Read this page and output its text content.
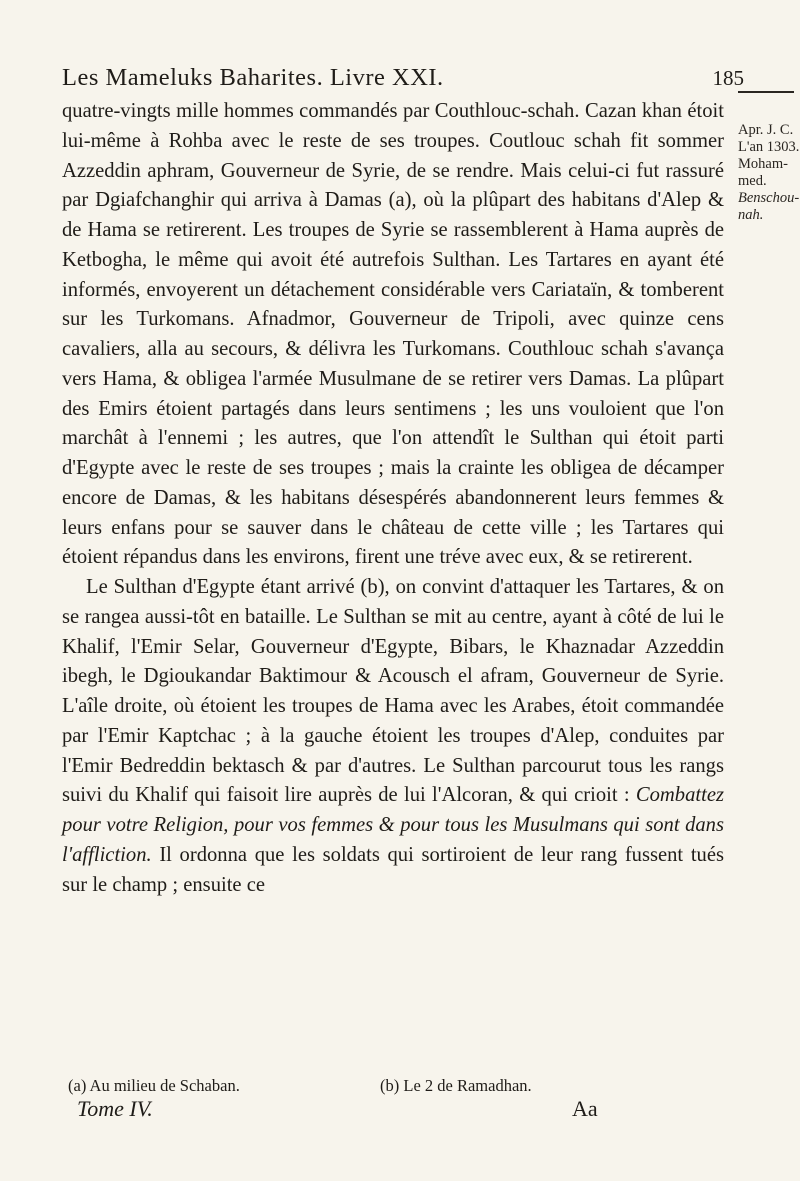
Les Mameluks Baharites. Livre XXI.	185
Apr. J. C.
L'an 1303.
Moham-
med.
Benschou-
nah.

quatre-vingts mille hommes commandés par Couthlouc-schah. Cazan khan étoit lui-même à Rohba avec le reste de ses troupes. Coutlouc schah fit sommer Azzeddin aphram, Gouverneur de Syrie, de se rendre. Mais celui-ci fut rassuré par Dgiafchanghir qui arriva à Damas (a), où la plûpart des habitans d'Alep & de Hama se retirerent. Les troupes de Syrie se rassemblerent à Hama auprès de Ketbogha, le même qui avoit été autrefois Sulthan. Les Tartares en ayant été informés, envoyerent un détachement considérable vers Cariataïn, & tomberent sur les Turkomans. Afnadmor, Gouverneur de Tripoli, avec quinze cens cavaliers, alla au secours, & délivra les Turkomans. Couthlouc schah s'avança vers Hama, & obligea l'armée Musulmane de se retirer vers Damas. La plûpart des Emirs étoient partagés dans leurs sentimens ; les uns vouloient que l'on marchât à l'ennemi ; les autres, que l'on attendît le Sulthan qui étoit parti d'Egypte avec le reste de ses troupes ; mais la crainte les obligea de décamper encore de Damas, & les habitans désespérés abandonnerent leurs femmes & leurs enfans pour se sauver dans le château de cette ville ; les Tartares qui étoient répandus dans les environs, firent une tréve avec eux, & se retirerent.

Le Sulthan d'Egypte étant arrivé (b), on convint d'attaquer les Tartares, & on se rangea aussi-tôt en bataille. Le Sulthan se mit au centre, ayant à côté de lui le Khalif, l'Emir Selar, Gouverneur d'Egypte, Bibars, le Khaznadar Azzeddin ibegh, le Dgioukandar Baktimour & Acousch el afram, Gouverneur de Syrie. L'aîle droite, où étoient les troupes de Hama avec les Arabes, étoit commandée par l'Emir Kaptchac ; à la gauche étoient les troupes d'Alep, conduites par l'Emir Bedreddin bektasch & par d'autres. Le Sulthan parcourut tous les rangs suivi du Khalif qui faisoit lire auprès de lui l'Alcoran, & qui crioit : Combattez pour votre Religion, pour vos femmes & pour tous les Musulmans qui sont dans l'affliction. Il ordonna que les soldats qui sortiroient de leur rang fussent tués sur le champ ; ensuite ce

(a) Au milieu de Schaban.	(b) Le 2 de Ramadhan.
Tome IV.	Aa
